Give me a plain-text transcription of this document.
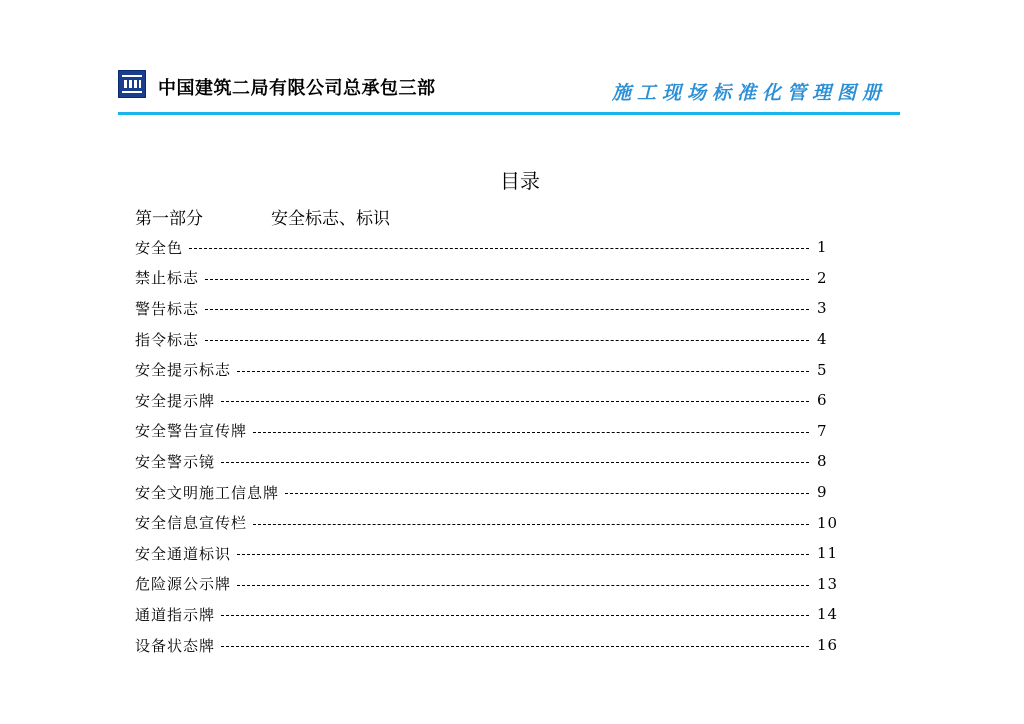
中国建筑二局有限公司总承包三部	施工现场标准化管理图册
目录
第一部分	安全标志、标识
安全色	1
禁止标志	2
警告标志	3
指令标志	4
安全提示标志	5
安全提示牌	6
安全警告宣传牌	7
安全警示镜	8
安全文明施工信息牌	9
安全信息宣传栏	10
安全通道标识	11
危险源公示牌	13
通道指示牌	14
设备状态牌	16
